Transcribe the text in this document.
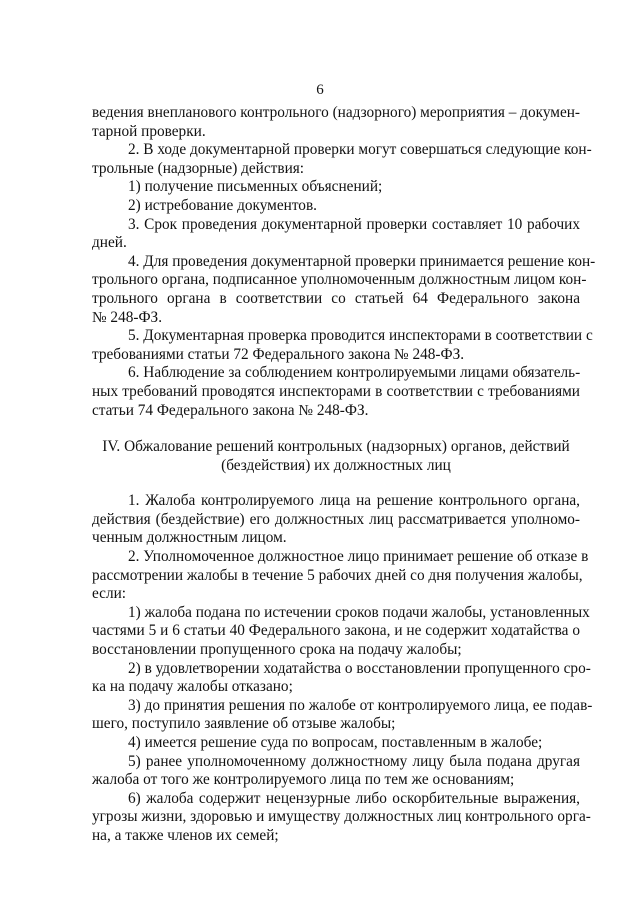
6
ведения внепланового контрольного (надзорного) мероприятия – докумен-
тарной проверки.
2. В ходе документарной проверки могут совершаться следующие кон-
трольные (надзорные) действия:
1) получение письменных объяснений;
2) истребование документов.
3. Срок проведения документарной проверки составляет 10 рабочих
дней.
4. Для проведения документарной проверки принимается решение кон-
трольного органа, подписанное уполномоченным должностным лицом кон-
трольного органа в соответствии со статьей 64 Федерального закона
№ 248-ФЗ.
5. Документарная проверка проводится инспекторами в соответствии с
требованиями статьи 72 Федерального закона № 248-ФЗ.
6. Наблюдение за соблюдением контролируемыми лицами обязатель-
ных требований проводятся инспекторами в соответствии с требованиями
статьи 74 Федерального закона № 248-ФЗ.
IV. Обжалование решений контрольных (надзорных) органов, действий
(бездействия) их должностных лиц
1. Жалоба контролируемого лица на решение контрольного органа,
действия (бездействие) его должностных лиц рассматривается уполномо-
ченным должностным лицом.
2. Уполномоченное должностное лицо принимает решение об отказе в
рассмотрении жалобы в течение 5 рабочих дней со дня получения жалобы,
если:
1) жалоба подана по истечении сроков подачи жалобы, установленных
частями 5 и 6 статьи 40 Федерального закона, и не содержит ходатайства о
восстановлении пропущенного срока на подачу жалобы;
2) в удовлетворении ходатайства о восстановлении пропущенного сро-
ка на подачу жалобы отказано;
3) до принятия решения по жалобе от контролируемого лица, ее подав-
шего, поступило заявление об отзыве жалобы;
4) имеется решение суда по вопросам, поставленным в жалобе;
5) ранее уполномоченному должностному лицу была подана другая
жалоба от того же контролируемого лица по тем же основаниям;
6) жалоба содержит нецензурные либо оскорбительные выражения,
угрозы жизни, здоровью и имуществу должностных лиц контрольного орга-
на, а также членов их семей;
